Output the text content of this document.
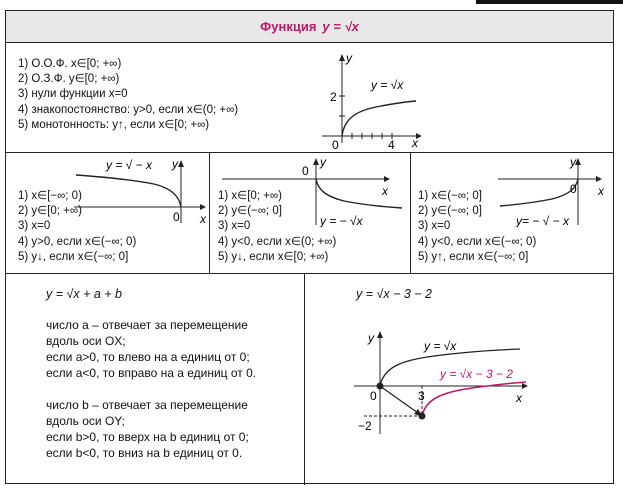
Функция y = √x
1) О.О.Ф. x∈[0; +∞)
2) О.З.Ф. y∈[0; +∞)
3) нули функции x=0
4) знакопостоянство: y>0, если x∈(0; +∞)
5) монотонность: y↑, если x∈[0; +∞)
y = √x
2
4
0	x
y
y = √ − x
0 x
y
1) x∈[−∞; 0)
2) y∈[0; +∞)
3) x=0
4) y>0, если x∈(−∞; 0)
5) y↓, если x∈(−∞; 0]
0
x
y
y = − √x
1) x∈[0; +∞)
2) y∈(−∞; 0]
3) x=0
4) y<0, если x∈(0; +∞)
5) y↓, если x∈[0; +∞)
0 x
y
y= − √ − x
1) x∈(−∞; 0]
2) y∈(−∞; 0]
3) x=0
4) y<0, если x∈(−∞; 0)
5) y↑, если x∈(−∞; 0]
y = √x + a + b

число a – отвечает за перемещение

вдоль оси OX;

если a>0, то влево на a единиц от 0;

если a<0, то вправо на a единиц от 0.

число b – отвечает за перемещение

вдоль оси OY;

если b>0, то вверх на b единиц от 0;

если b<0, то вниз на b единиц от 0.

y = √x − 3 − 2
y = √x
y = √x − 3 − 2
0	3
−2
x
y
